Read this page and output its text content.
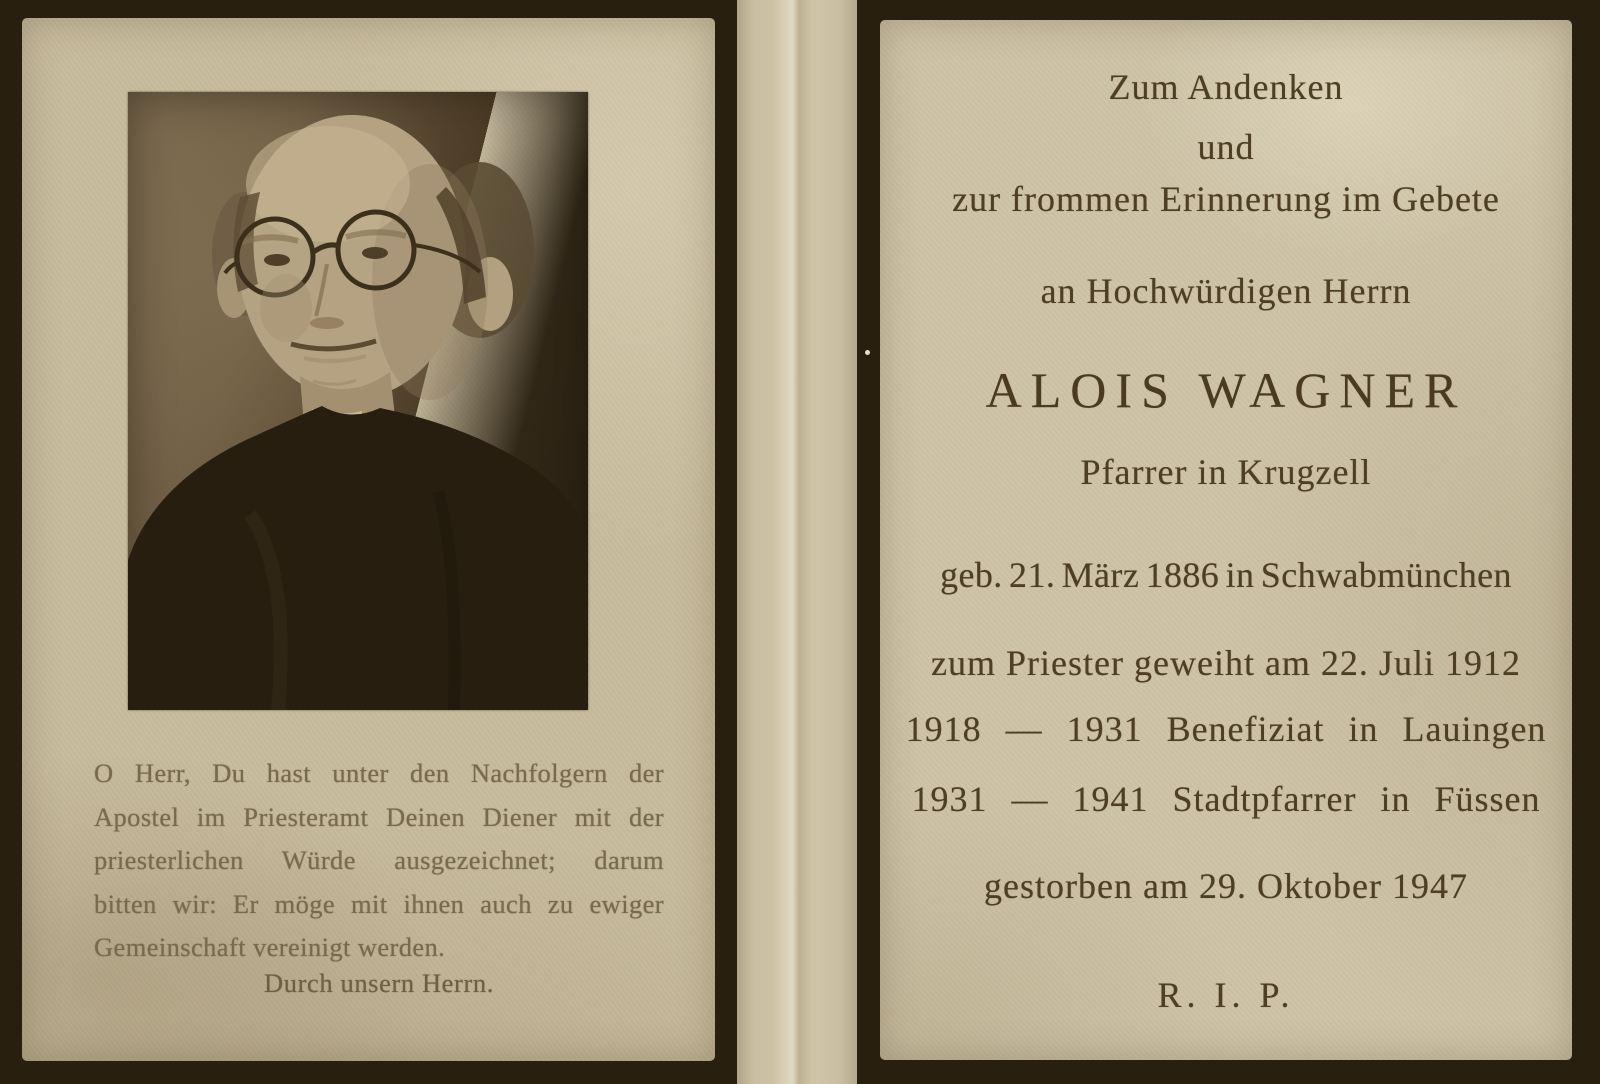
O Herr, Du hast unter den Nachfolgern der
Apostel im Priesteramt Deinen Diener mit der
priesterlichen Würde ausgezeichnet; darum
bitten wir: Er möge mit ihnen auch zu ewiger
Gemeinschaft vereinigt werden.
Durch unsern Herrn.
Zum Andenken
und
zur frommen Erinnerung im Gebete
an Hochwürdigen Herrn
ALOIS WAGNER
Pfarrer in Krugzell
geb. 21. März 1886 in Schwabmünchen
zum Priester geweiht am 22. Juli 1912
1918 — 1931 Benefiziat in Lauingen
1931 — 1941 Stadtpfarrer in Füssen
gestorben am 29. Oktober 1947
R. I. P.
